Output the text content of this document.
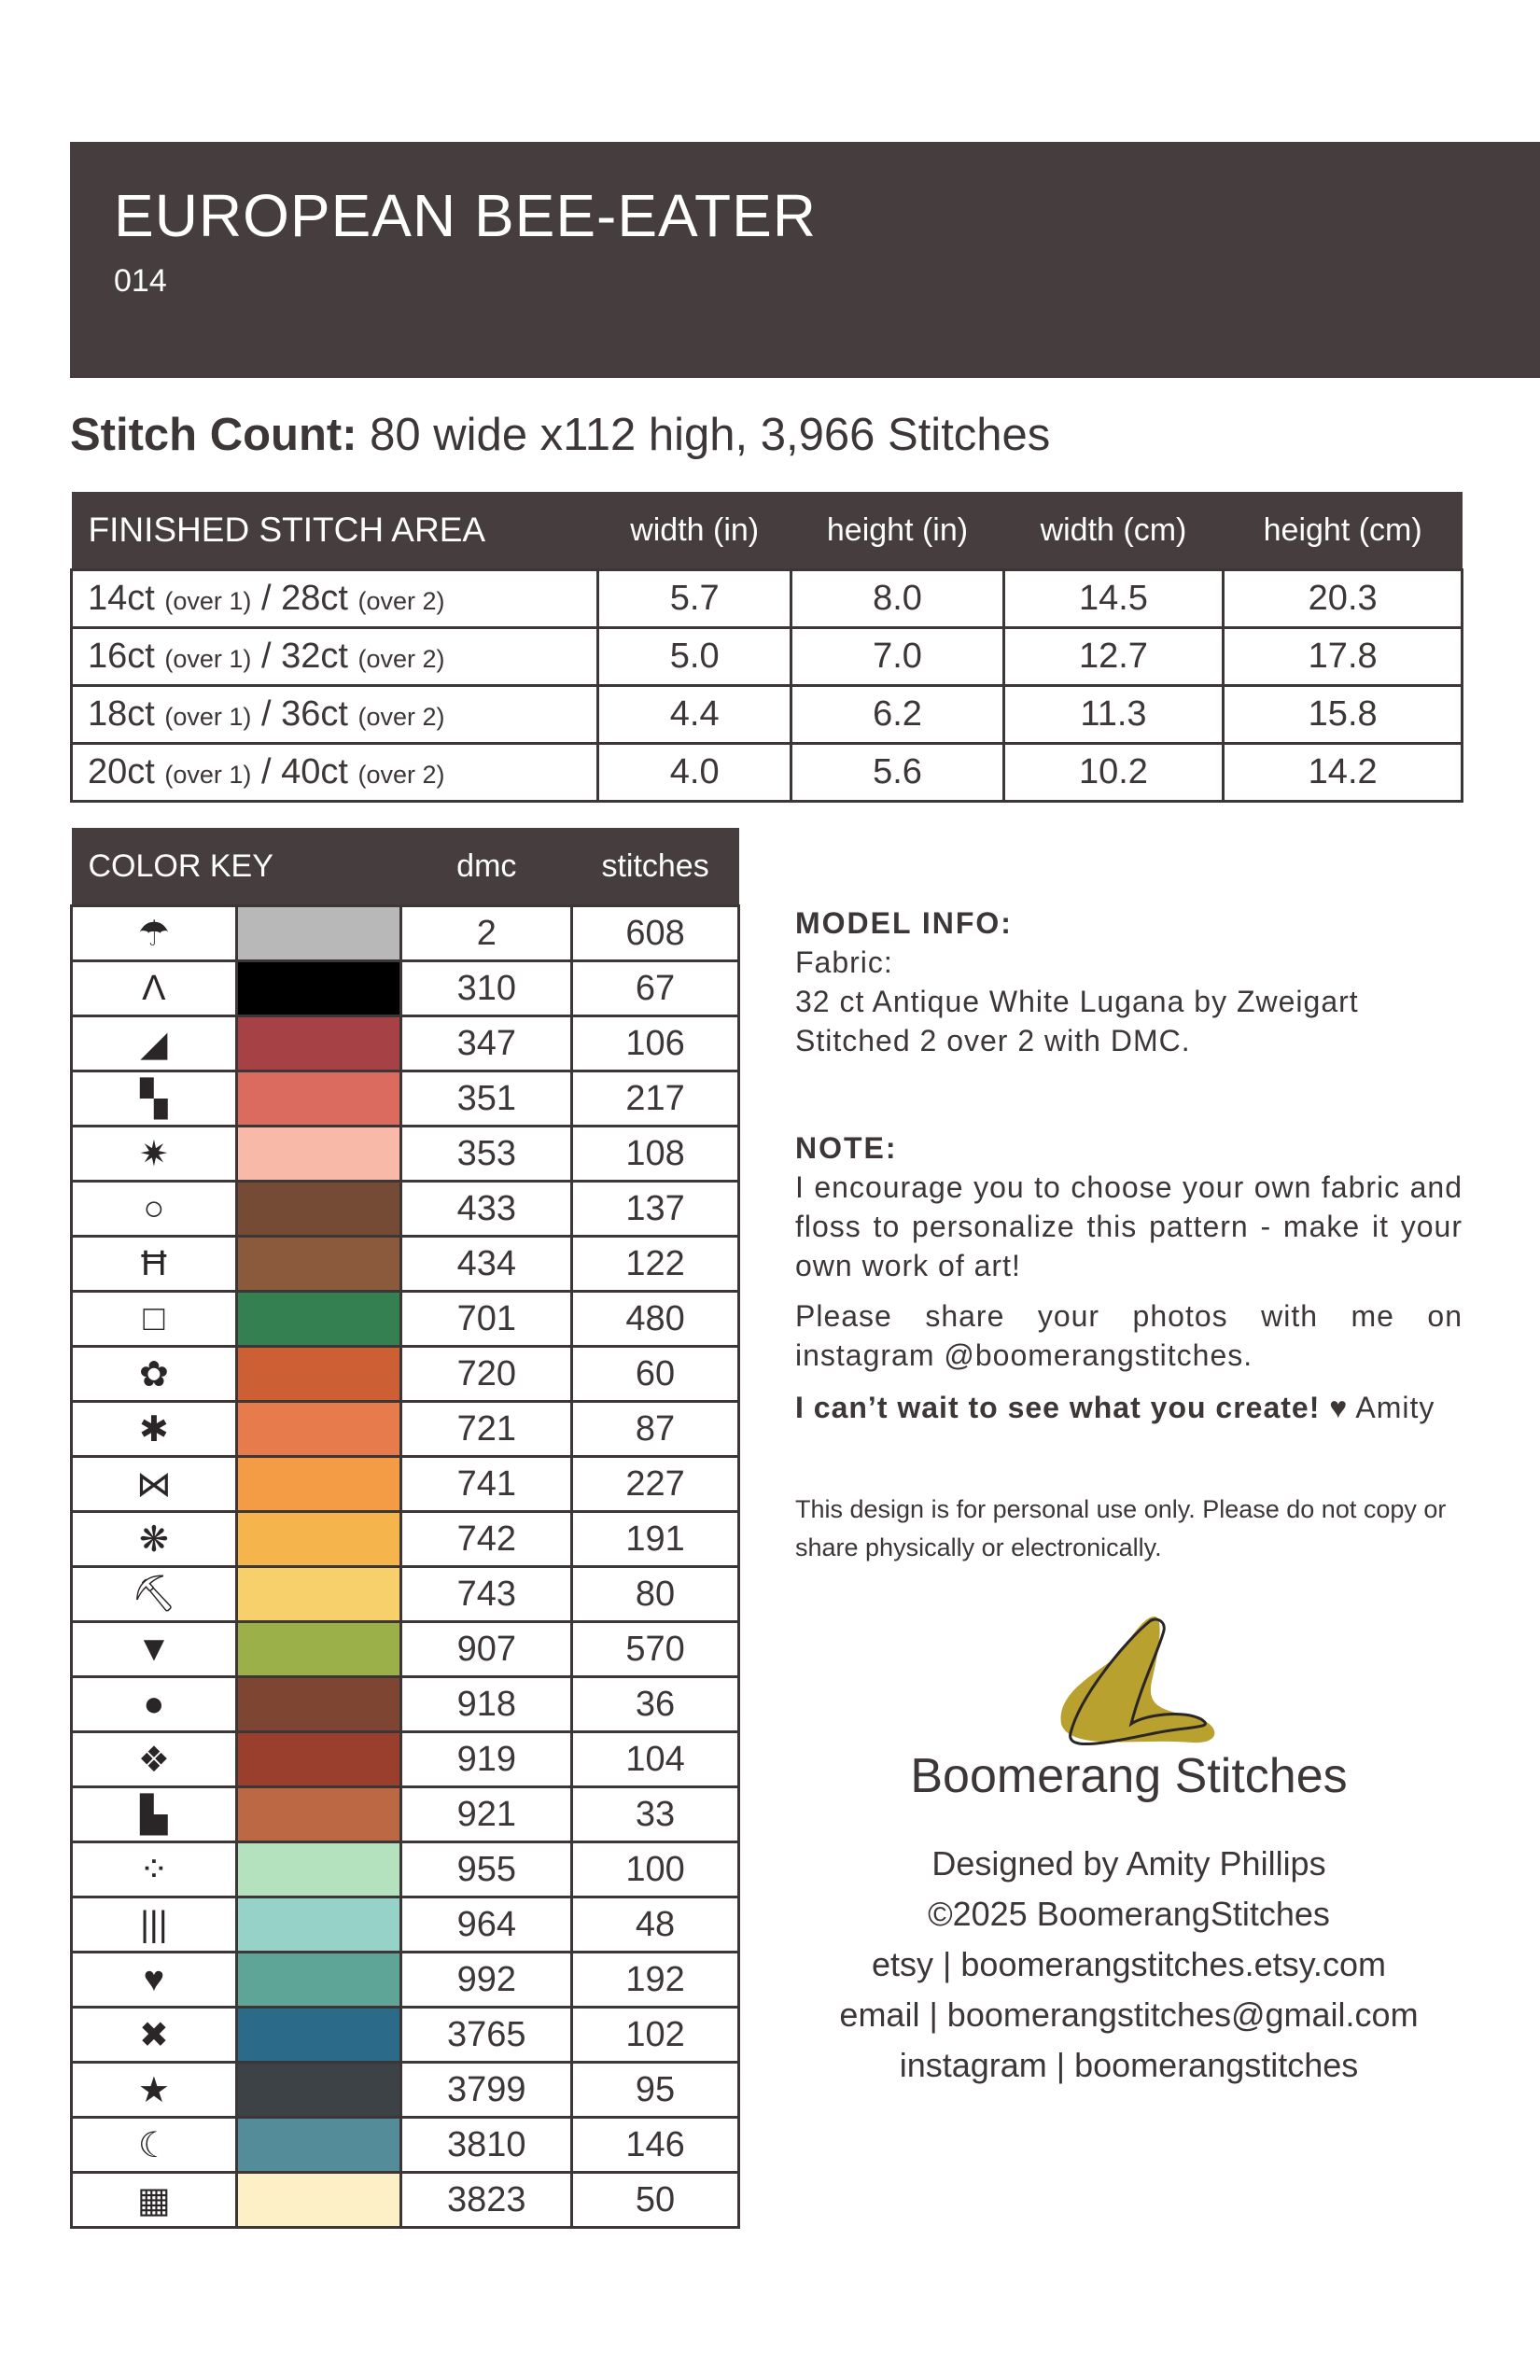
EUROPEAN BEE-EATER
014
Stitch Count: 80 wide x112 high, 3,966 Stitches
FINISHED STITCH AREA	width (in)	height (in)	width (cm)	height (cm)
14ct (over 1) / 28ct (over 2)	5.7	8.0	14.5	20.3
16ct (over 1) / 32ct (over 2)	5.0	7.0	12.7	17.8
18ct (over 1) / 36ct (over 2)	4.4	6.2	11.3	15.8
20ct (over 1) / 40ct (over 2)	4.0	5.6	10.2	14.2
COLOR KEY		dmc	stitches
☂		2	608
Λ		310	67
◢		347	106
▚		351	217
✷		353	108
○		433	137
Ħ		434	122
□		701	480
✿		720	60
✱		721	87
⋈		741	227
❋		742	191
⛏		743	80
▼		907	570
●		918	36
❖		919	104
▙		921	33
⁘		955	100
|||		964	48
♥		992	192
✖		3765	102
★		3799	95
☾		3810	146
▦		3823	50
MODEL INFO:
Fabric:
32 ct Antique White Lugana by Zweigart
Stitched 2 over 2 with DMC.
NOTE:

I encourage you to choose your own fabric and floss to personalize this pattern - make it your own work of art!

Please share your photos with me on instagram @boomerangstitches.

I can’t wait to see what you create! ♥ Amity

This design is for personal use only. Please do not copy or share physically or electronically.
Boomerang Stitches
Designed by Amity Phillips
©2025 BoomerangStitches
etsy | boomerangstitches.etsy.com
email | boomerangstitches@gmail.com
instagram | boomerangstitches
